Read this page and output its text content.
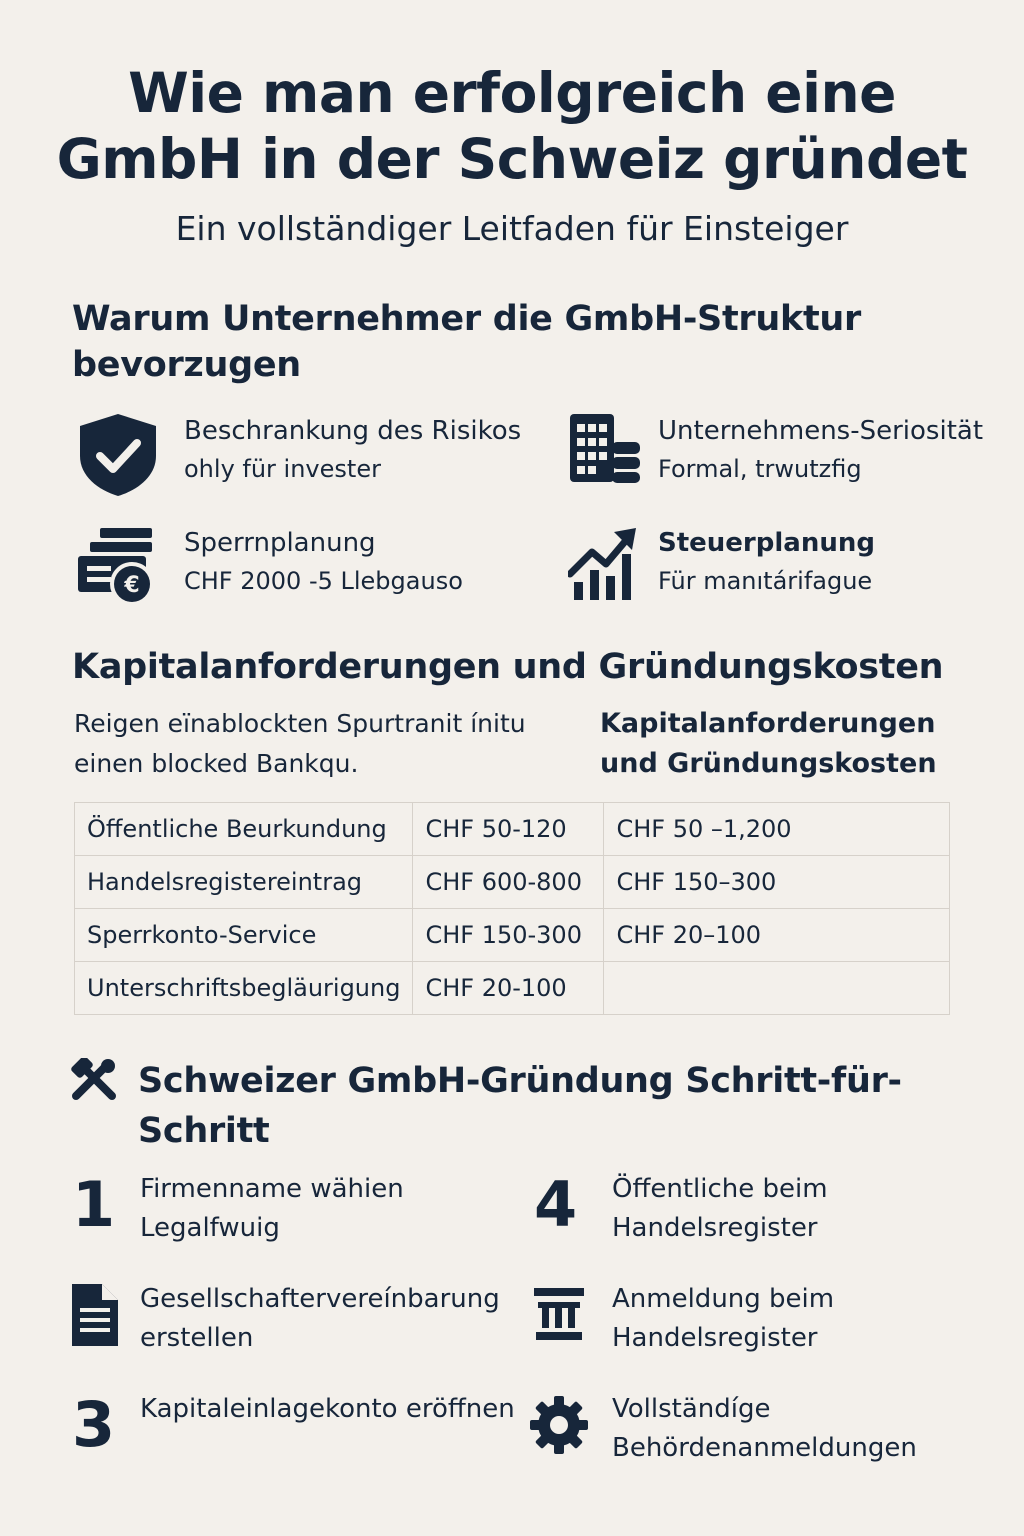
Wie man erfolgreich eine GmbH in der Schweiz gründet
Ein vollständiger Leitfaden für Einsteiger
Warum Unternehmer die GmbH-Struktur bevorzugen
Beschrankung des Risikos
ohly für invester
Unternehmens-Seriosität
Formal, trwutzfig
€
Sperrnplanung
CHF 2000 -5 Llebgauso
Steuerplanung
Für manıtárifague
Kapitalanforderungen und Gründungskosten
Reigen eïnablockten Spurtranit ínitu
einen blocked Bankqu.
Kapitalanforderungen
und Gründungskosten
Öffentliche Beurkundung	CHF 50-120	CHF 50 –1,200
Handelsregistereintrag	CHF 600-800	CHF 150–300
Sperrkonto-Service	CHF 150-300	CHF 20–100
Unterschriftsbegläurigung	CHF 20-100	
Schweizer GmbH-Gründung Schritt-für-
Schritt
1 Firmenname wähien
Legalfwuig	4	Öffentliche beim
Handelsregister
Gesellschaftervereínbarung
erstellen
Anmeldung beim
Handelsregister
3 Kapitaleinlagekonto eröffnen	Vollständíge
Behördenanmeldungen
